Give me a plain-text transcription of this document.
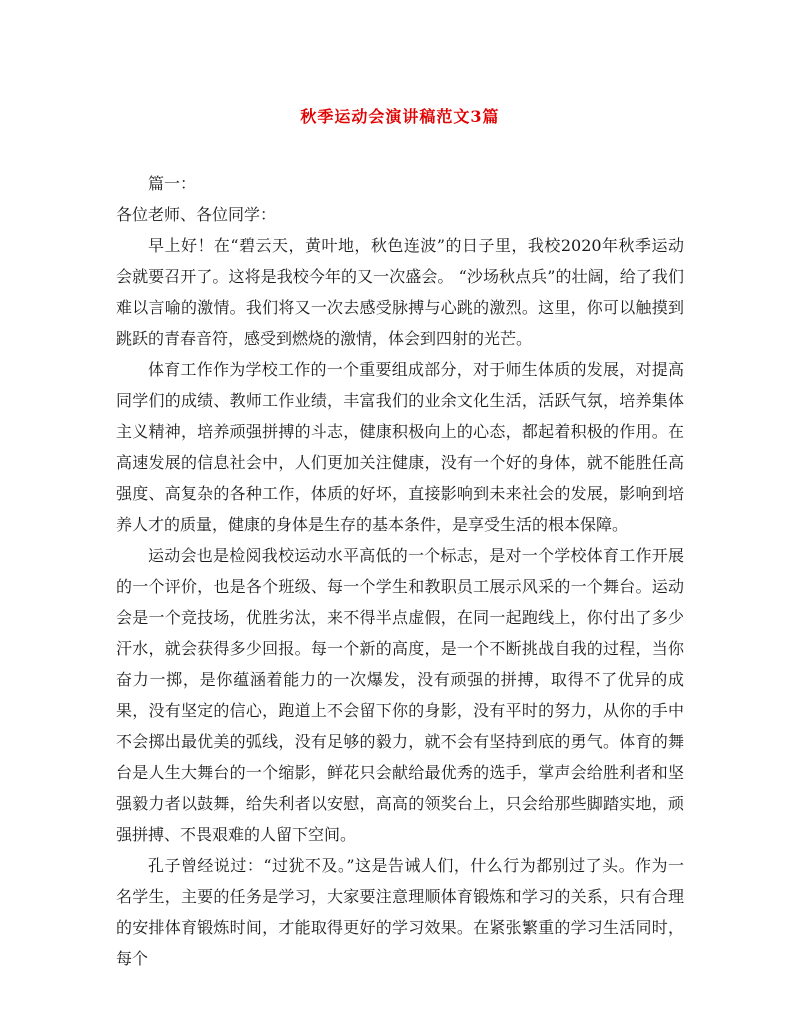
秋季运动会演讲稿范文3篇

篇一：

各位老师、各位同学：

早上好！在“碧云天，黄叶地，秋色连波”的日子里，我校2020年秋季运动会就要召开了。这将是我校今年的又一次盛会。 “沙场秋点兵”的壮阔，给了我们难以言喻的激情。我们将又一次去感受脉搏与心跳的激烈。这里，你可以触摸到跳跃的青春音符，感受到燃烧的激情，体会到四射的光芒。

体育工作作为学校工作的一个重要组成部分，对于师生体质的发展，对提高同学们的成绩、教师工作业绩，丰富我们的业余文化生活，活跃气氛，培养集体主义精神，培养顽强拼搏的斗志，健康积极向上的心态，都起着积极的作用。在高速发展的信息社会中，人们更加关注健康，没有一个好的身体，就不能胜任高强度、高复杂的各种工作，体质的好坏，直接影响到未来社会的发展，影响到培养人才的质量，健康的身体是生存的基本条件，是享受生活的根本保障。

运动会也是检阅我校运动水平高低的一个标志，是对一个学校体育工作开展的一个评价，也是各个班级、每一个学生和教职员工展示风采的一个舞台。运动会是一个竞技场，优胜劣汰，来不得半点虚假，在同一起跑线上，你付出了多少汗水，就会获得多少回报。每一个新的高度，是一个不断挑战自我的过程，当你奋力一掷，是你蕴涵着能力的一次爆发，没有顽强的拼搏，取得不了优异的成果，没有坚定的信心，跑道上不会留下你的身影，没有平时的努力，从你的手中不会掷出最优美的弧线，没有足够的毅力，就不会有坚持到底的勇气。体育的舞台是人生大舞台的一个缩影，鲜花只会献给最优秀的选手，掌声会给胜利者和坚强毅力者以鼓舞，给失利者以安慰，高高的领奖台上，只会给那些脚踏实地，顽强拼搏、不畏艰难的人留下空间。

孔子曾经说过：“过犹不及。”这是告诫人们，什么行为都别过了头。作为一名学生，主要的任务是学习，大家要注意理顺体育锻炼和学习的关系，只有合理的安排体育锻炼时间，才能取得更好的学习效果。在紧张繁重的学习生活同时，每个
